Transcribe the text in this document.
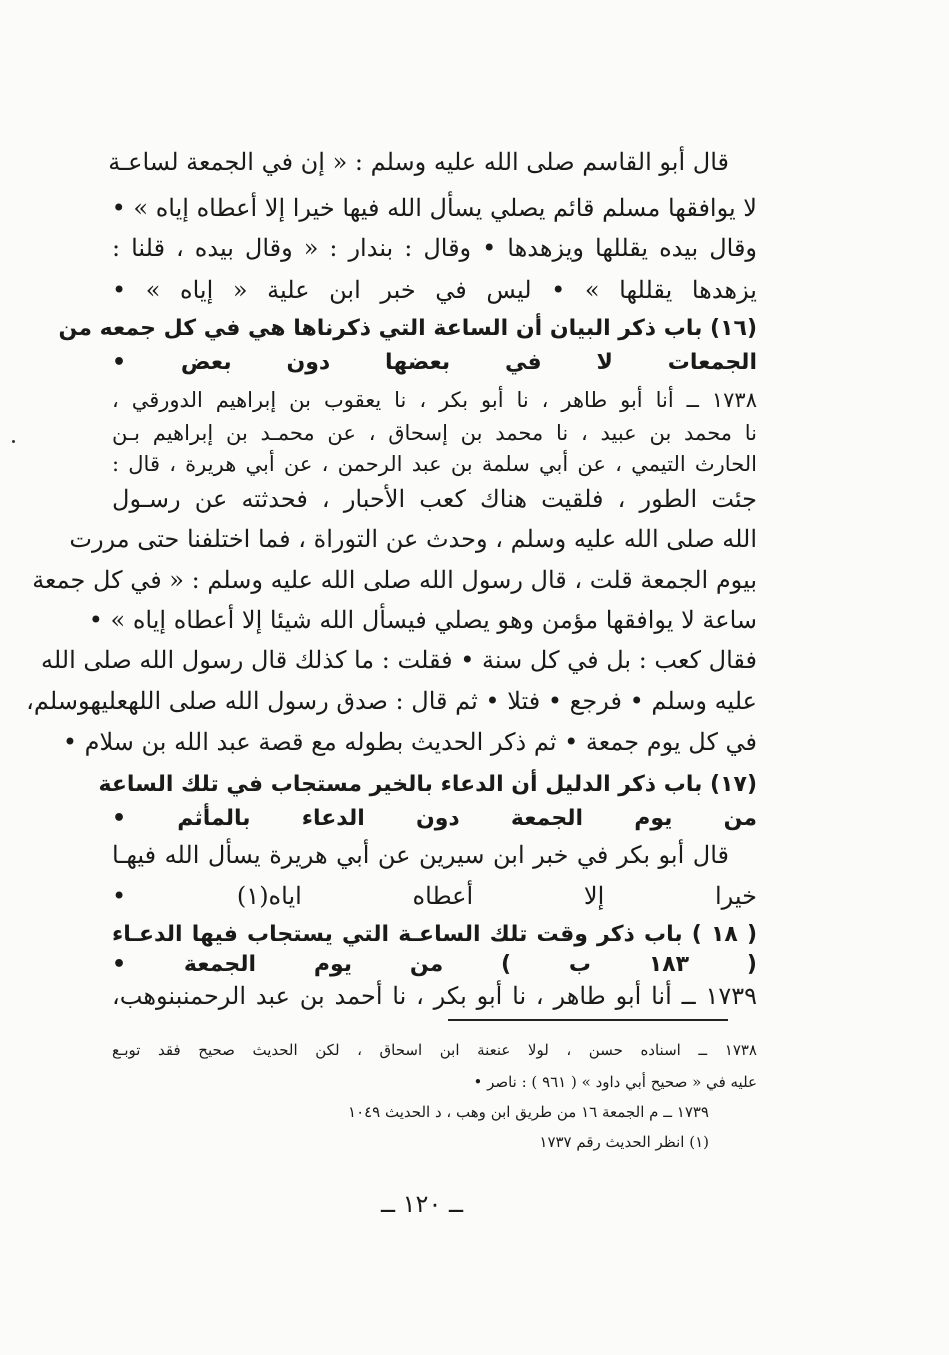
قال أبو القاسم صلى الله عليه وسلم : « إن في الجمعة لساعـة
لا يوافقها مسلم قائم يصلي يسأل الله فيها خيرا إلا أعطاه إياه » •
وقال بيده يقللها ويزهدها • وقال : بندار : « وقال بيده ، قلنا :
يزهدها يقللها » • ليس في خبر ابن علية « إياه » •
(١٦) باب ذكر البيان أن الساعة التي ذكرناها هي في كل جمعه من
الجمعات لا في بعضها دون بعض •
١٧٣٨ ــ أنا أبو طاهر ، نا أبو بكر ، نا يعقوب بن إبراهيم الدورقي ،
نا محمد بن عبيد ، نا محمد بن إسحاق ، عن محمـد بن إبراهيم بـن
الحارث التيمي ، عن أبي سلمة بن عبد الرحمن ، عن أبي هريرة ، قال :
جئت الطور ، فلقيت هناك كعب الأحبار ، فحدثته عن رسـول
الله صلى الله عليه وسلم ، وحدث عن التوراة ، فما اختلفنا حتى مررت
بيوم الجمعة قلت ، قال رسول الله صلى الله عليه وسلم : « في كل جمعة
ساعة لا يوافقها مؤمن وهو يصلي فيسأل الله شيئا إلا أعطاه إياه » •
فقال كعب : بل في كل سنة • فقلت : ما كذلك قال رسول الله صلى الله
عليه وسلم • فرجع • فتلا • ثم قال : صدق رسول الله صلى اللهعليهوسلم،
في كل يوم جمعة • ثم ذكر الحديث بطوله مع قصة عبد الله بن سلام •
(١٧) باب ذكر الدليل أن الدعاء بالخير مستجاب في تلك الساعة
من يوم الجمعة دون الدعاء بالمأثم •
قال أبو بكر في خبر ابن سيرين عن أبي هريرة يسأل الله فيهـا
خيرا إلا أعطاه اياه(١) •
( ١٨ ) باب ذكر وقت تلك الساعـة التي يستجاب فيها الدعـاء
( ١٨٣ ب ) من يوم الجمعة •
١٧٣٩ ــ أنا أبو طاهر ، نا أبو بكر ، نا أحمد بن عبد الرحمنبنوهب،
١٧٣٨ ــ اسناده حسن ، لولا عنعنة ابن اسحاق ، لكن الحديث صحيح فقد توبـع
عليه في « صحيح أبي داود » ( ٩٦١ ) : ناصر •
١٧٣٩ ــ م الجمعة ١٦ من طريق ابن وهب ، د الحديث ١٠٤٩
(١) انظر الحديث رقم ١٧٣٧
ــ ١٢٠ ــ
